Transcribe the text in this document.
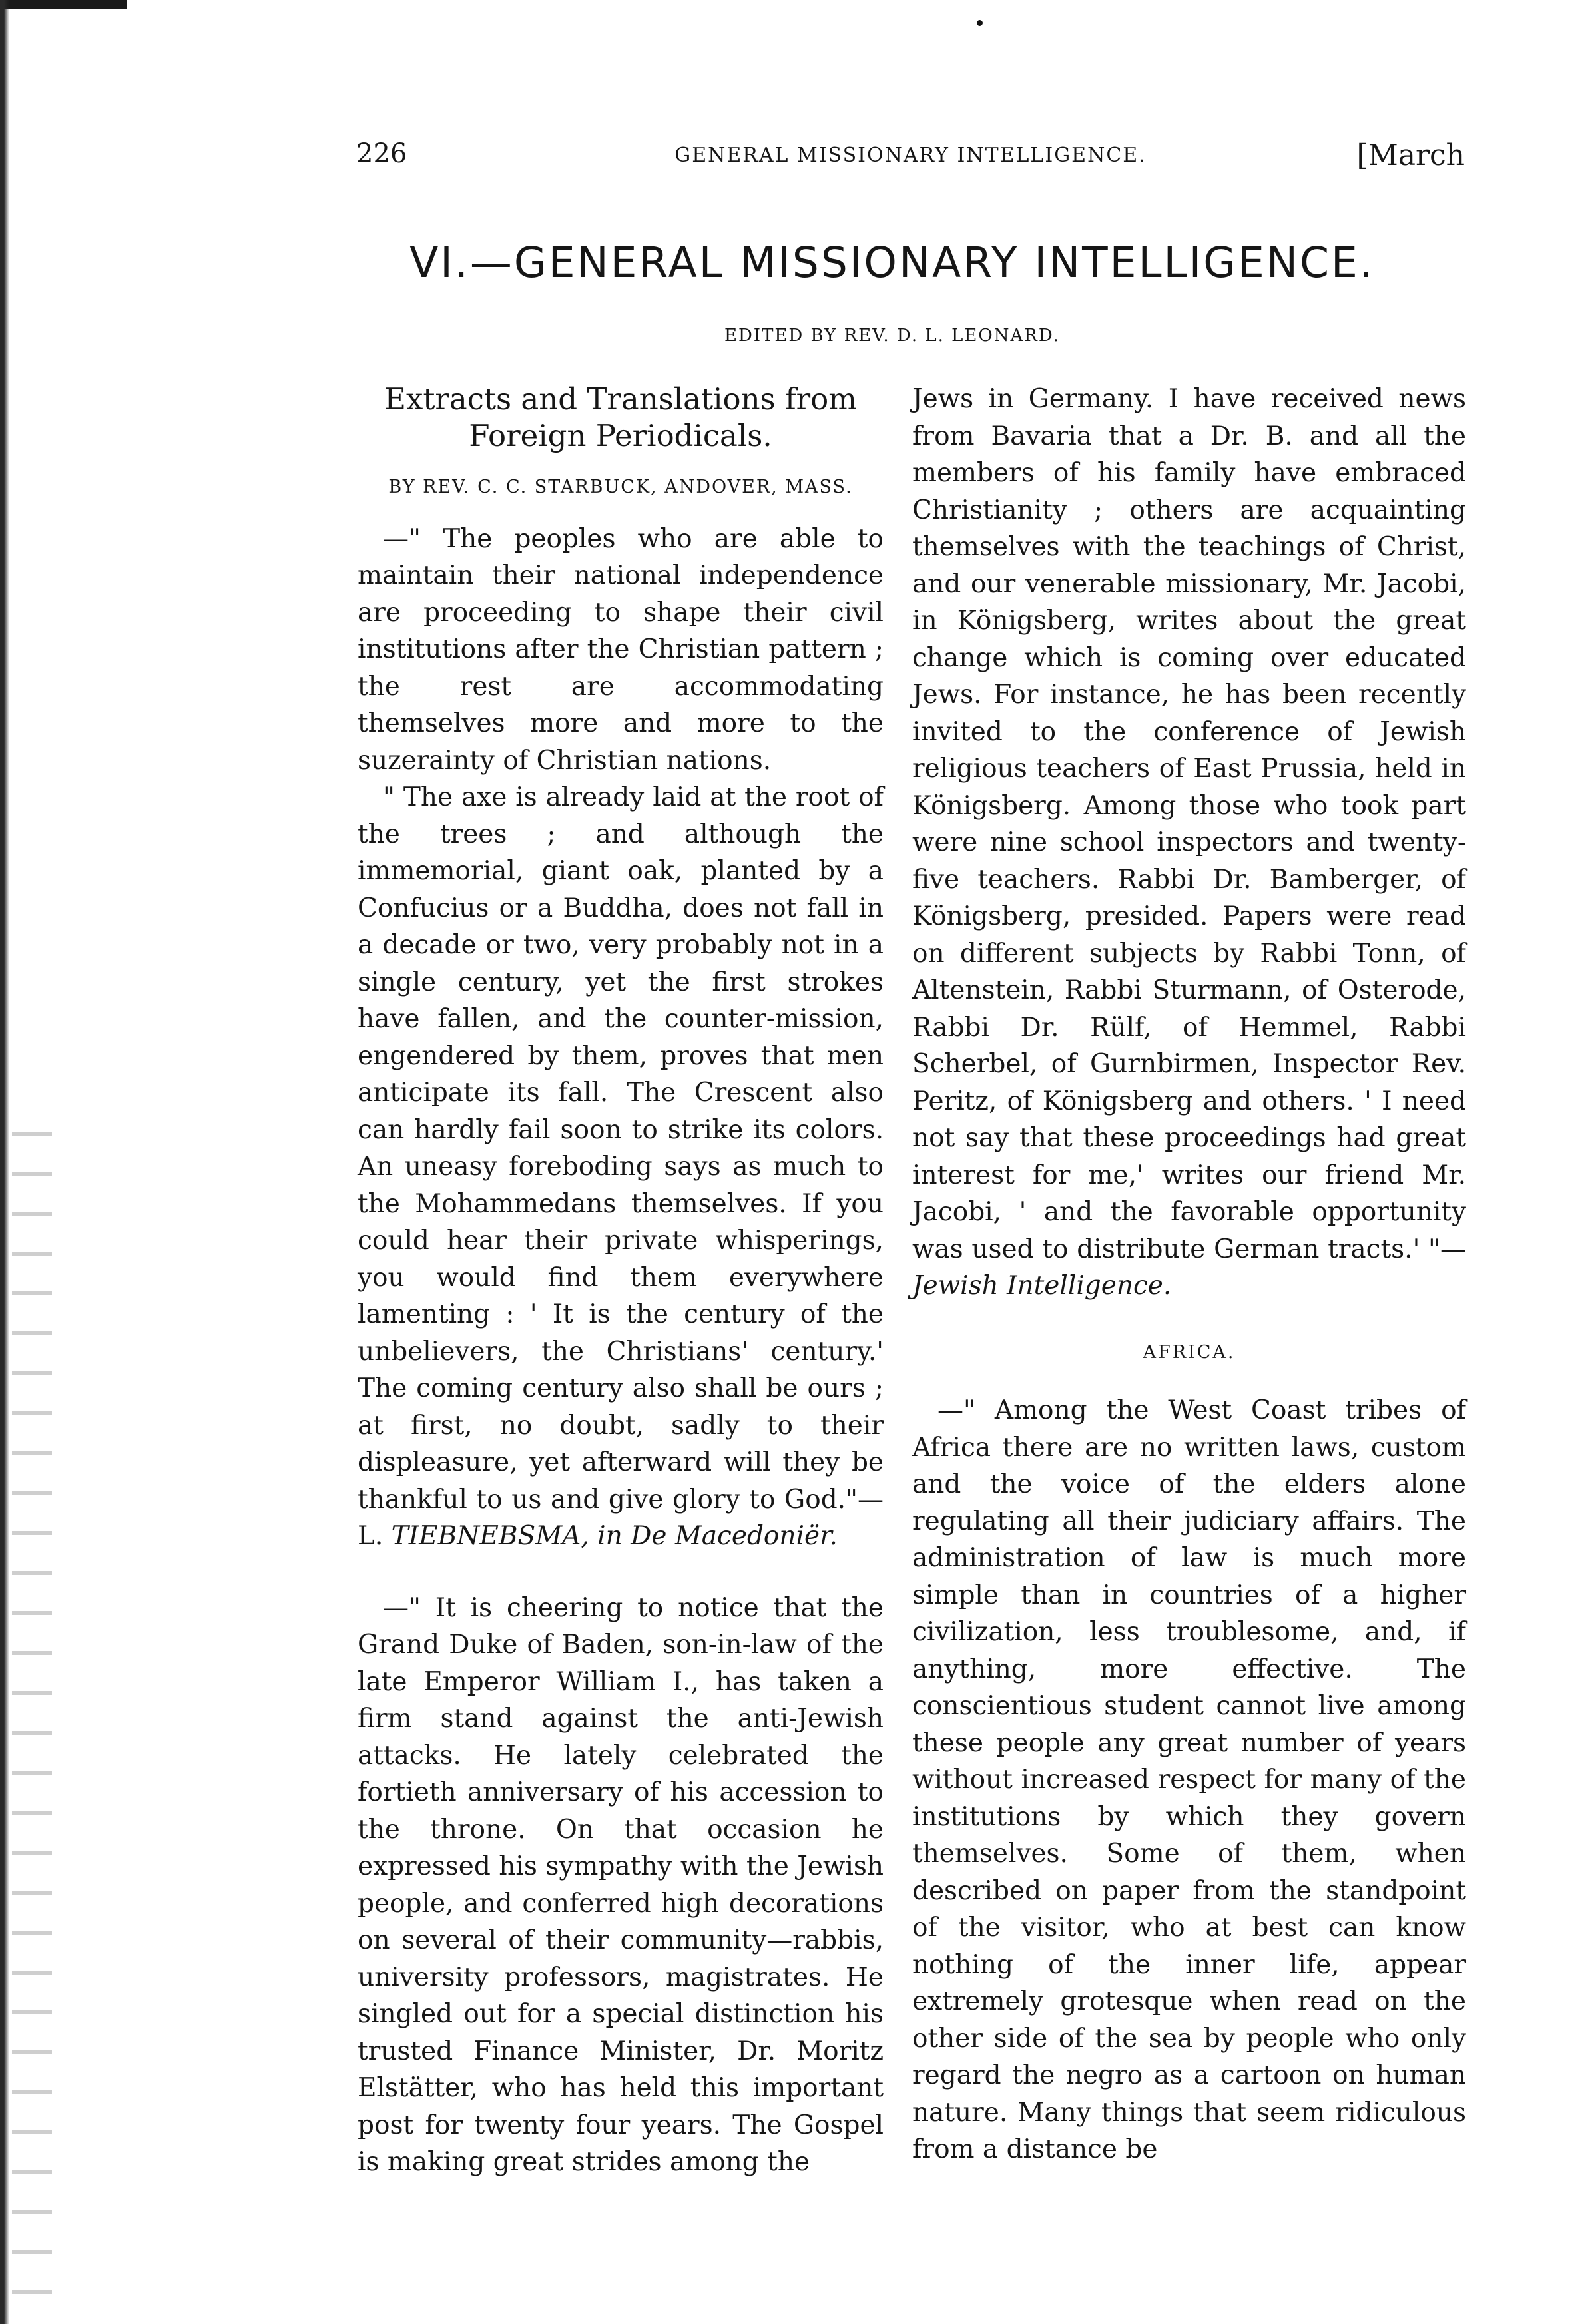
226	GENERAL MISSIONARY INTELLIGENCE.	[March
VI.—GENERAL MISSIONARY INTELLIGENCE.
EDITED BY REV. D. L. LEONARD.
Extracts and Translations from Foreign Periodicals.
BY REV. C. C. STARBUCK, ANDOVER, MASS.

—" The peoples who are able to maintain their national independence are proceeding to shape their civil institutions after the Christian pattern ; the rest are accommodating themselves more and more to the suzerainty of Christian nations.

" The axe is already laid at the root of the trees ; and although the immemorial, giant oak, planted by a Confucius or a Buddha, does not fall in a decade or two, very probably not in a single century, yet the first strokes have fallen, and the counter-mission, engendered by them, proves that men anticipate its fall. The Crescent also can hardly fail soon to strike its colors. An uneasy foreboding says as much to the Mohammedans themselves. If you could hear their private whisperings, you would find them everywhere lamenting : ' It is the century of the unbelievers, the Christians' century.' The coming century also shall be ours ; at first, no doubt, sadly to their displeasure, yet afterward will they be thankful to us and give glory to God."—L. TIEBNEBSMA, in De Macedoniër.

—" It is cheering to notice that the Grand Duke of Baden, son-in-law of the late Emperor William I., has taken a firm stand against the anti-Jewish attacks. He lately celebrated the fortieth anniversary of his accession to the throne. On that occasion he expressed his sympathy with the Jewish people, and conferred high decorations on several of their community—rabbis, university professors, magistrates. He singled out for a special distinction his trusted Finance Minister, Dr. Moritz Elstätter, who has held this important post for twenty four years. The Gospel is making great strides among the

Jews in Germany. I have received news from Bavaria that a Dr. B. and all the members of his family have embraced Christianity ; others are acquainting themselves with the teachings of Christ, and our venerable missionary, Mr. Jacobi, in Königsberg, writes about the great change which is coming over educated Jews. For instance, he has been recently invited to the conference of Jewish religious teachers of East Prussia, held in Königsberg. Among those who took part were nine school inspectors and twenty-five teachers. Rabbi Dr. Bamberger, of Königsberg, presided. Papers were read on different subjects by Rabbi Tonn, of Altenstein, Rabbi Sturmann, of Osterode, Rabbi Dr. Rülf, of Hemmel, Rabbi Scherbel, of Gurnbirmen, Inspector Rev. Peritz, of Königsberg and others. ' I need not say that these proceedings had great interest for me,' writes our friend Mr. Jacobi, ' and the favorable opportunity was used to distribute German tracts.' "—Jewish Intelligence.

AFRICA.

—" Among the West Coast tribes of Africa there are no written laws, custom and the voice of the elders alone regulating all their judiciary affairs. The administration of law is much more simple than in countries of a higher civilization, less troublesome, and, if anything, more effective. The conscientious student cannot live among these people any great number of years without increased respect for many of the institutions by which they govern themselves. Some of them, when described on paper from the standpoint of the visitor, who at best can know nothing of the inner life, appear extremely grotesque when read on the other side of the sea by people who only regard the negro as a cartoon on human nature. Many things that seem ridiculous from a distance be
